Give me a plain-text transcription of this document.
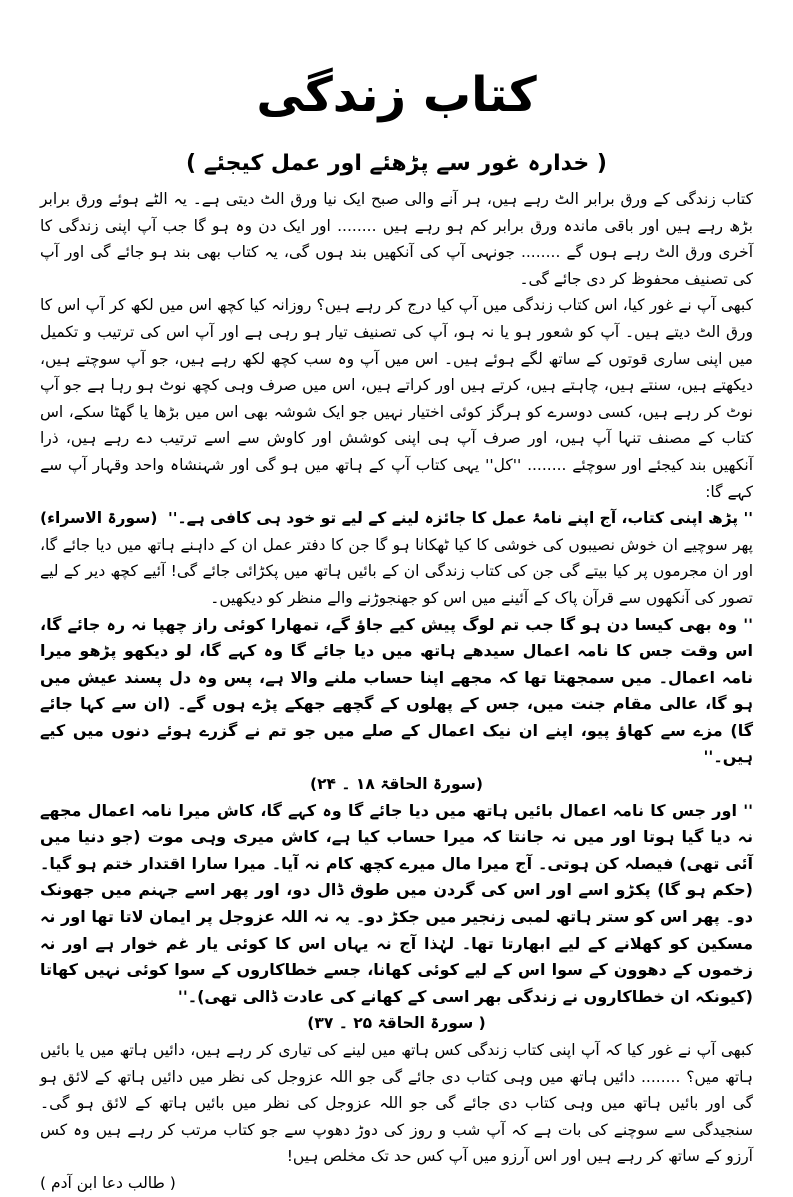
کتاب زندگی
( خدارہ غور سے پڑھئے اور عمل کیجئے )

کتاب زندگی کے ورق برابر الٹ رہے ہیں، ہر آنے والی صبح ایک نیا ورق الٹ دیتی ہے۔ یہ الٹے ہوئے ورق برابر بڑھ رہے ہیں اور باقی ماندہ ورق برابر کم ہو رہے ہیں ........ اور ایک دن وہ ہو گا جب آپ اپنی زندگی کا آخری ورق الٹ رہے ہوں گے ........ جونہی آپ کی آنکھیں بند ہوں گی، یہ کتاب بھی بند ہو جائے گی اور آپ کی تصنیف محفوظ کر دی جائے گی۔

کبھی آپ نے غور کیا، اس کتاب زندگی میں آپ کیا درج کر رہے ہیں؟ روزانہ کیا کچھ اس میں لکھ کر آپ اس کا ورق الٹ دیتے ہیں۔ آپ کو شعور ہو یا نہ ہو، آپ کی تصنیف تیار ہو رہی ہے اور آپ اس کی ترتیب و تکمیل میں اپنی ساری قوتوں کے ساتھ لگے ہوئے ہیں۔ اس میں آپ وہ سب کچھ لکھ رہے ہیں، جو آپ سوچتے ہیں، دیکھتے ہیں، سنتے ہیں، چاہتے ہیں، کرتے ہیں اور کراتے ہیں، اس میں صرف وہی کچھ نوٹ ہو رہا ہے جو آپ نوٹ کر رہے ہیں، کسی دوسرے کو ہرگز کوئی اختیار نہیں جو ایک شوشہ بھی اس میں بڑھا یا گھٹا سکے، اس کتاب کے مصنف تنہا آپ ہیں، اور صرف آپ ہی اپنی کوشش اور کاوش سے اسے ترتیب دے رہے ہیں، ذرا آنکھیں بند کیجئے اور سوچئے ........ ''کل'' یہی کتاب آپ کے ہاتھ میں ہو گی اور شہنشاہ واحد وقہار آپ سے کہے گا:

'' پڑھ اپنی کتاب، آج اپنے نامۂ عمل کا جائزہ لینے کے لیے تو خود ہی کافی ہے۔''
(سورۃ الاسراء)

پھر سوچیے ان خوش نصیبوں کی خوشی کا کیا ٹھکانا ہو گا جن کا دفتر عمل ان کے داہنے ہاتھ میں دیا جائے گا، اور ان مجرموں پر کیا بیتے گی جن کی کتاب زندگی ان کے بائیں ہاتھ میں پکڑائی جائے گی! آئیے کچھ دیر کے لیے تصور کی آنکھوں سے قرآن پاک کے آئینے میں اس کو جھنجوڑنے والے منظر کو دیکھیں۔

'' وہ بھی کیسا دن ہو گا جب تم لوگ پیش کیے جاؤ گے، تمھارا کوئی راز چھپا نہ رہ جائے گا، اس وقت جس کا نامہ اعمال سیدھے ہاتھ میں دیا جائے گا وہ کہے گا، لو دیکھو پڑھو میرا نامہ اعمال۔ میں سمجھتا تھا کہ مجھے اپنا حساب ملنے والا ہے، پس وہ دل پسند عیش میں ہو گا، عالی مقام جنت میں، جس کے پھلوں کے گچھے جھکے پڑے ہوں گے۔ (ان سے کہا جائے گا) مزے سے کھاؤ پیو، اپنے ان نیک اعمال کے صلے میں جو تم نے گزرے ہوئے دنوں میں کیے ہیں۔''

(سورۃ الحاقۃ ۱۸ ۔ ۲۴)

'' اور جس کا نامہ اعمال بائیں ہاتھ میں دیا جائے گا وہ کہے گا، کاش میرا نامہ اعمال مجھے نہ دیا گیا ہوتا اور میں نہ جانتا کہ میرا حساب کیا ہے، کاش میری وہی موت (جو دنیا میں آئی تھی) فیصلہ کن ہوتی۔ آج میرا مال میرے کچھ کام نہ آیا۔ میرا سارا اقتدار ختم ہو گیا۔ (حکم ہو گا) پکڑو اسے اور اس کی گردن میں طوق ڈال دو، اور پھر اسے جہنم میں جھونک دو۔ پھر اس کو ستر ہاتھ لمبی زنجیر میں جکڑ دو۔ یہ نہ اللہ عزوجل پر ایمان لاتا تھا اور نہ مسکین کو کھلانے کے لیے ابھارتا تھا۔ لہٰذا آج نہ یہاں اس کا کوئی یار غم خوار ہے اور نہ زخموں کے دھوون کے سوا اس کے لیے کوئی کھانا، جسے خطاکاروں کے سوا کوئی نہیں کھاتا (کیونکہ ان خطاکاروں نے زندگی بھر اسی کے کھانے کی عادت ڈالی تھی)۔''

( سورۃ الحاقۃ ۲۵ ۔ ۳۷)

کبھی آپ نے غور کیا کہ آپ اپنی کتاب زندگی کس ہاتھ میں لینے کی تیاری کر رہے ہیں، دائیں ہاتھ میں یا بائیں ہاتھ میں؟ ........ دائیں ہاتھ میں وہی کتاب دی جائے گی جو اللہ عزوجل کی نظر میں دائیں ہاتھ کے لائق ہو گی اور بائیں ہاتھ میں وہی کتاب دی جائے گی جو اللہ عزوجل کی نظر میں بائیں ہاتھ کے لائق ہو گی۔ سنجیدگی سے سوچنے کی بات ہے کہ آپ شب و روز کی دوڑ دھوپ سے جو کتاب مرتب کر رہے ہیں وہ کس آرزو کے ساتھ کر رہے ہیں اور اس آرزو میں آپ کس حد تک مخلص ہیں!

( طالب دعا ابن آدم )
